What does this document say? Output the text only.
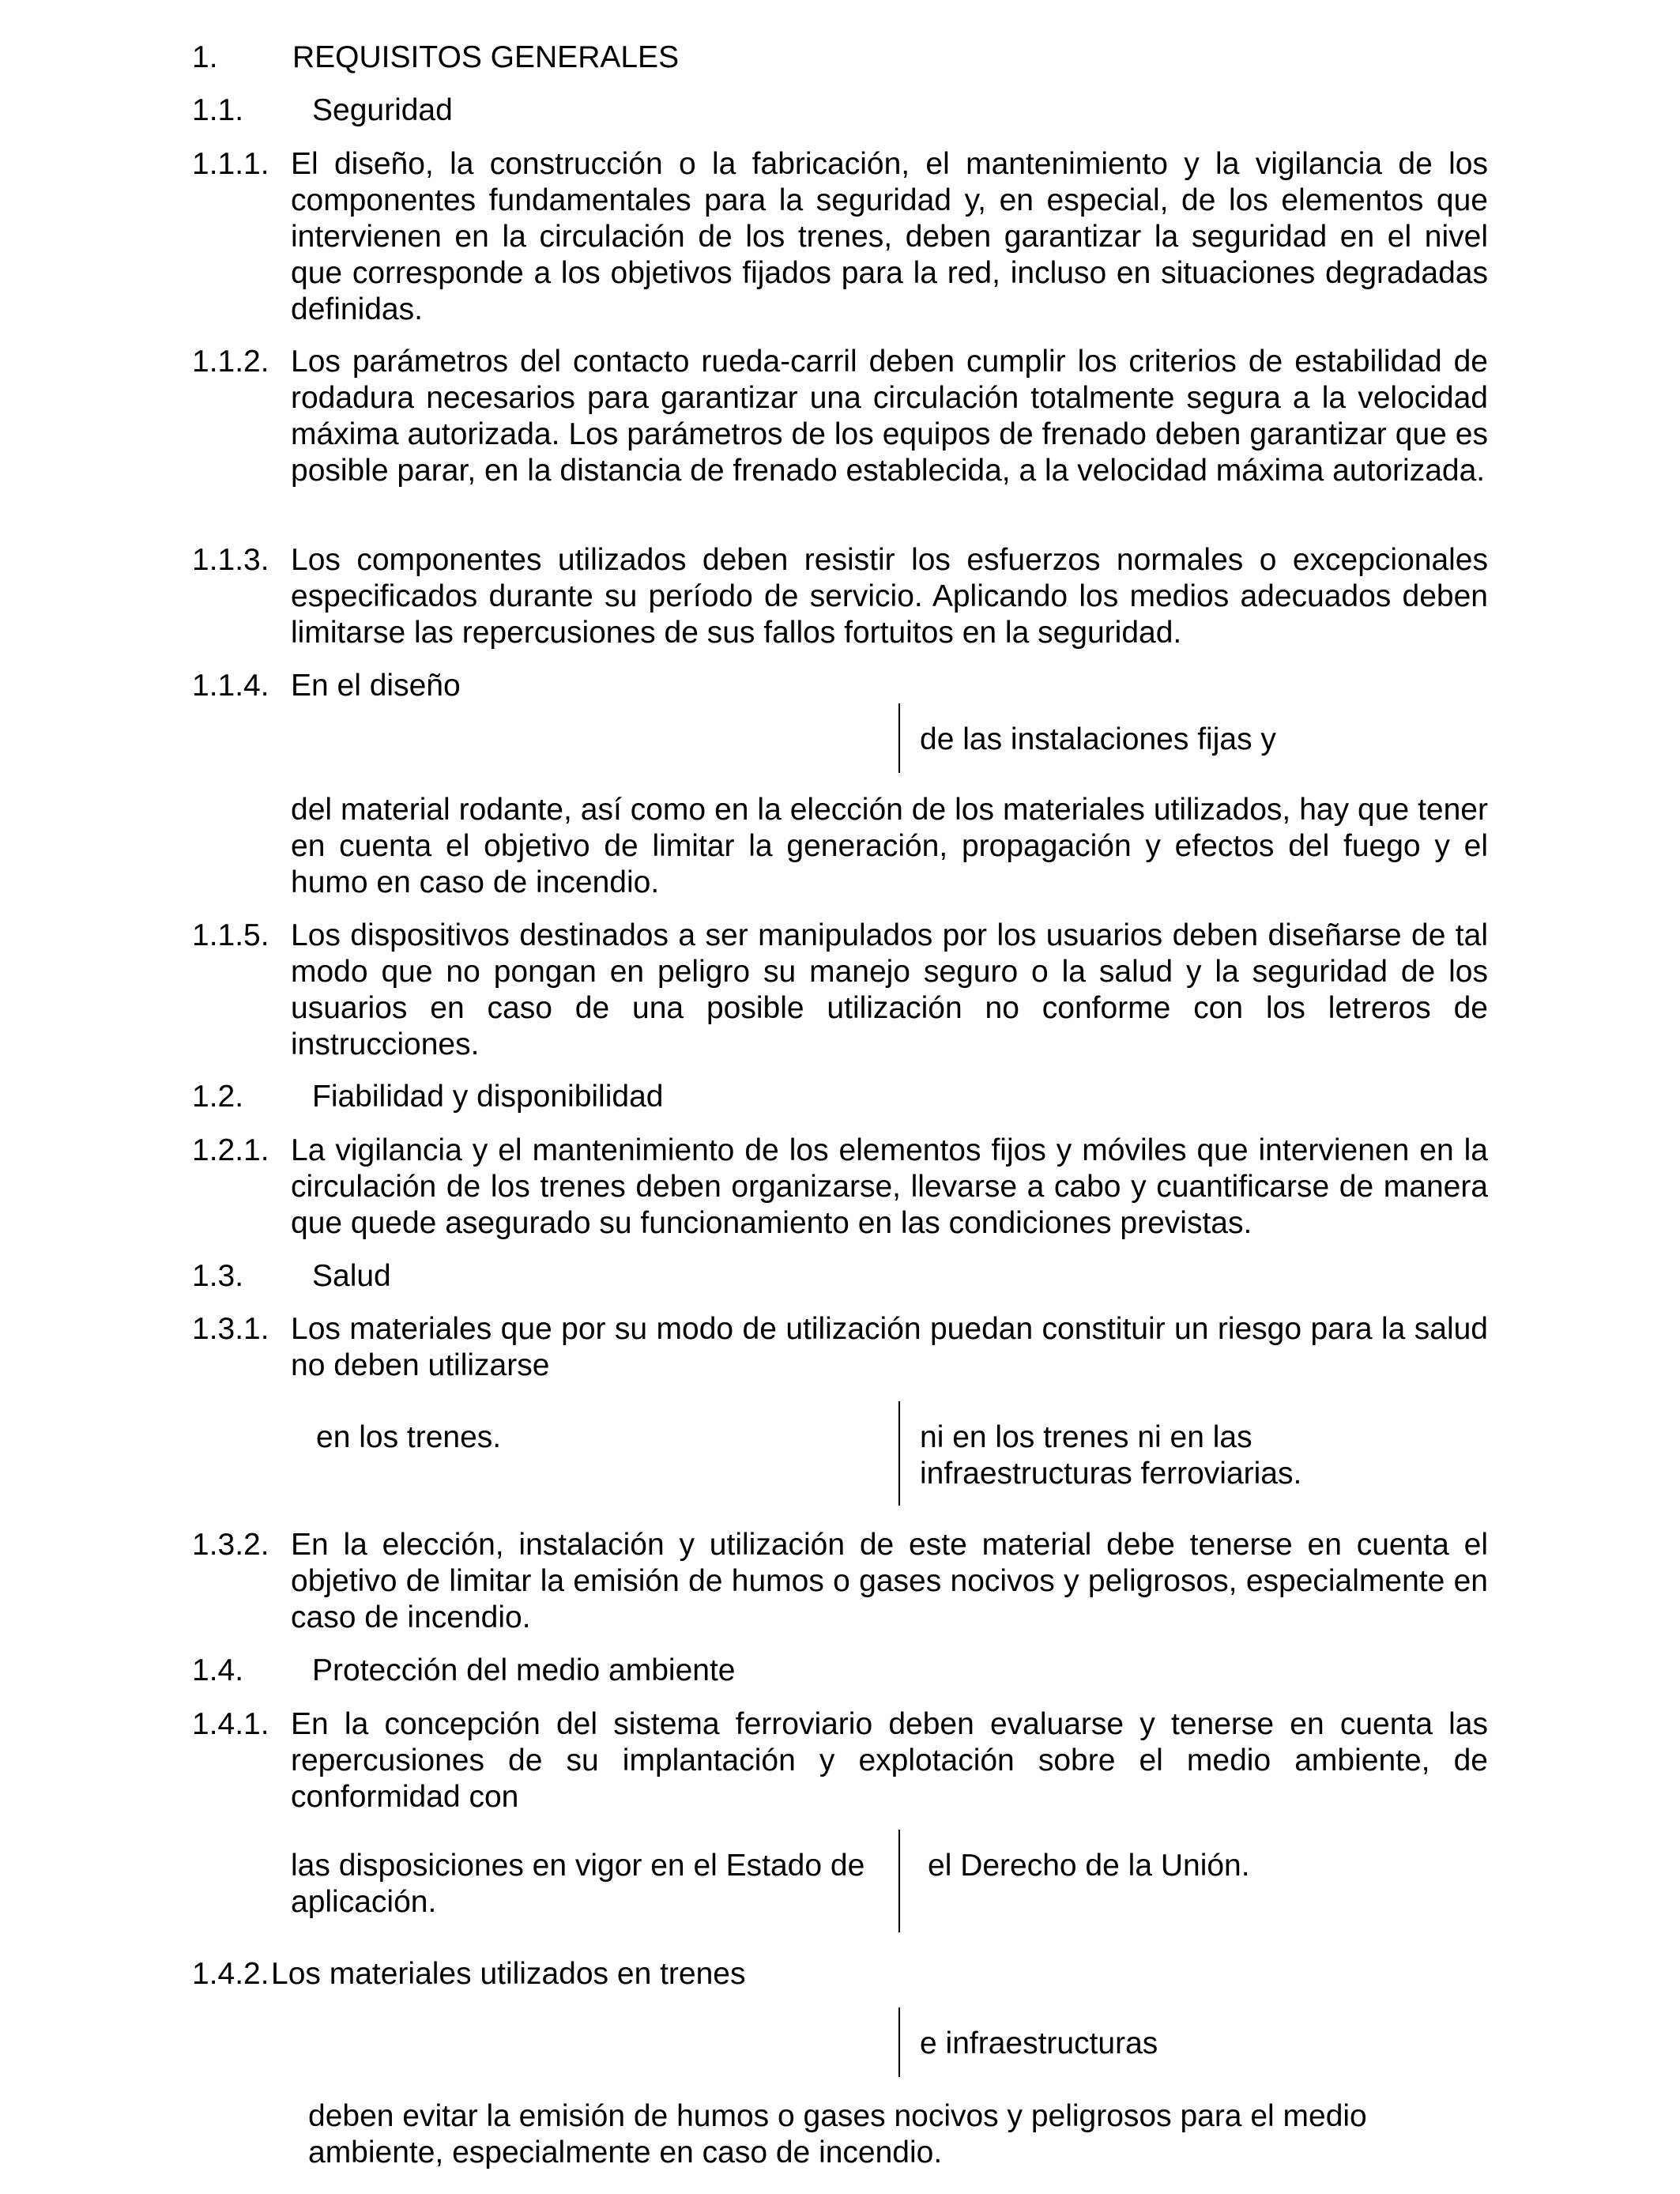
1. REQUISITOS GENERALES
1.1. Seguridad
1.1.1. El diseño, la construcción o la fabricación, el mantenimiento y la vigilancia de los componentes fundamentales para la seguridad y, en especial, de los elementos que intervienen en la circulación de los trenes, deben garantizar la seguridad en el nivel que corresponde a los objetivos fijados para la red, incluso en situaciones degradadas definidas.
1.1.2. Los parámetros del contacto rueda-carril deben cumplir los criterios de estabilidad de rodadura necesarios para garantizar una circulación totalmente segura a la velocidad máxima autorizada. Los parámetros de los equipos de frenado deben garantizar que es posible parar, en la distancia de frenado establecida, a la velocidad máxima autorizada.
1.1.3. Los componentes utilizados deben resistir los esfuerzos normales o excepcionales especificados durante su período de servicio. Aplicando los medios adecuados deben limitarse las repercusiones de sus fallos fortuitos en la seguridad.
1.1.4. En el diseño
de las instalaciones fijas y
del material rodante, así como en la elección de los materiales utilizados, hay que tener en cuenta el objetivo de limitar la generación, propagación y efectos del fuego y el humo en caso de incendio.
1.1.5. Los dispositivos destinados a ser manipulados por los usuarios deben diseñarse de tal modo que no pongan en peligro su manejo seguro o la salud y la seguridad de los usuarios en caso de una posible utilización no conforme con los letreros de instrucciones.
1.2. Fiabilidad y disponibilidad
1.2.1. La vigilancia y el mantenimiento de los elementos fijos y móviles que intervienen en la circulación de los trenes deben organizarse, llevarse a cabo y cuantificarse de manera que quede asegurado su funcionamiento en las condiciones previstas.
1.3. Salud
1.3.1. Los materiales que por su modo de utilización puedan constituir un riesgo para la salud no deben utilizarse
en los trenes.	ni en los trenes ni en las infraestructuras ferroviarias.
1.3.2. En la elección, instalación y utilización de este material debe tenerse en cuenta el objetivo de limitar la emisión de humos o gases nocivos y peligrosos, especialmente en caso de incendio.
1.4. Protección del medio ambiente
1.4.1. En la concepción del sistema ferroviario deben evaluarse y tenerse en cuenta las repercusiones de su implantación y explotación sobre el medio ambiente, de conformidad con
las disposiciones en vigor en el Estado de aplicación.
el Derecho de la Unión.
1.4.2. Los materiales utilizados en trenes
e infraestructuras
deben evitar la emisión de humos o gases nocivos y peligrosos para el medio ambiente, especialmente en caso de incendio.
